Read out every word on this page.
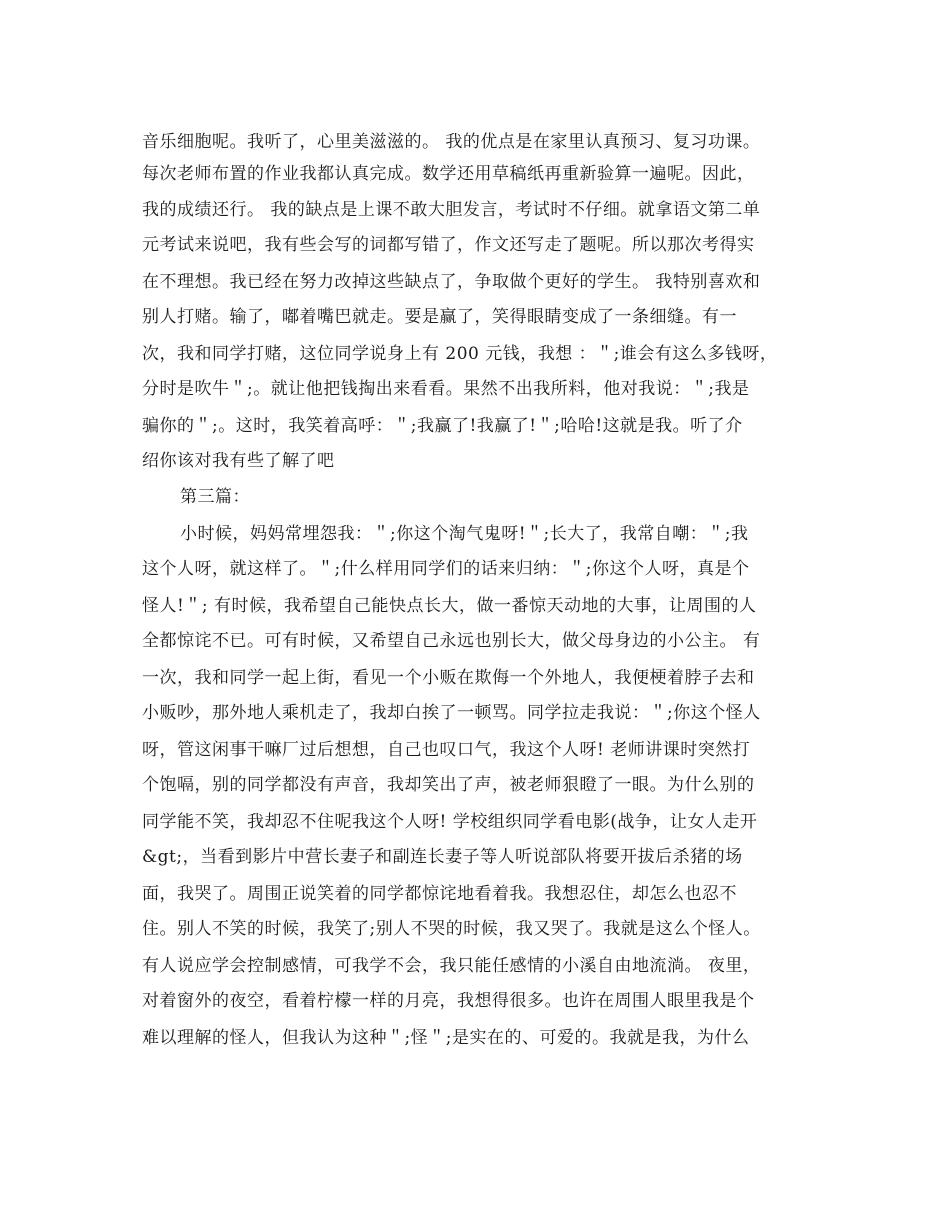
音乐细胞呢。我听了，心里美滋滋的。 我的优点是在家里认真预习、复习功课。
每次老师布置的作业我都认真完成。数学还用草稿纸再重新验算一遍呢。因此，
我的成绩还行。 我的缺点是上课不敢大胆发言，考试时不仔细。就拿语文第二单
元考试来说吧，我有些会写的词都写错了，作文还写走了题呢。所以那次考得实
在不理想。我已经在努力改掉这些缺点了，争取做个更好的学生。 我特别喜欢和
别人打赌。输了，嘟着嘴巴就走。要是赢了，笑得眼睛变成了一条细缝。有一
次，我和同学打赌，这位同学说身上有 200 元钱，我想 ：＂;谁会有这么多钱呀，
分时是吹牛＂;。就让他把钱掏出来看看。果然不出我所料，他对我说：＂;我是
骗你的＂;。这时，我笑着高呼：＂;我赢了!我赢了!＂;哈哈!这就是我。听了介
绍你该对我有些了解了吧
第三篇：
小时候，妈妈常埋怨我：＂;你这个淘气鬼呀!＂;长大了，我常自嘲：＂;我
这个人呀，就这样了。＂;什么样用同学们的话来归纳：＂;你这个人呀，真是个
怪人!＂; 有时候，我希望自己能快点长大，做一番惊天动地的大事，让周围的人
全都惊诧不已。可有时候，又希望自己永远也别长大，做父母身边的小公主。 有
一次，我和同学一起上街，看见一个小贩在欺侮一个外地人，我便梗着脖子去和
小贩吵，那外地人乘机走了，我却白挨了一顿骂。同学拉走我说：＂;你这个怪人
呀，管这闲事干嘛厂过后想想，自己也叹口气，我这个人呀! 老师讲课时突然打
个饱嗝，别的同学都没有声音，我却笑出了声，被老师狠瞪了一眼。为什么别的
同学能不笑，我却忍不住呢我这个人呀! 学校组织同学看电影(战争，让女人走开
&gt;，当看到影片中营长妻子和副连长妻子等人听说部队将要开拔后杀猪的场
面，我哭了。周围正说笑着的同学都惊诧地看着我。我想忍住，却怎么也忍不
住。别人不笑的时候，我笑了;别人不哭的时候，我又哭了。我就是这么个怪人。
有人说应学会控制感情，可我学不会，我只能任感情的小溪自由地流淌。 夜里，
对着窗外的夜空，看着柠檬一样的月亮，我想得很多。也许在周围人眼里我是个
难以理解的怪人，但我认为这种＂;怪＂;是实在的、可爱的。我就是我，为什么
